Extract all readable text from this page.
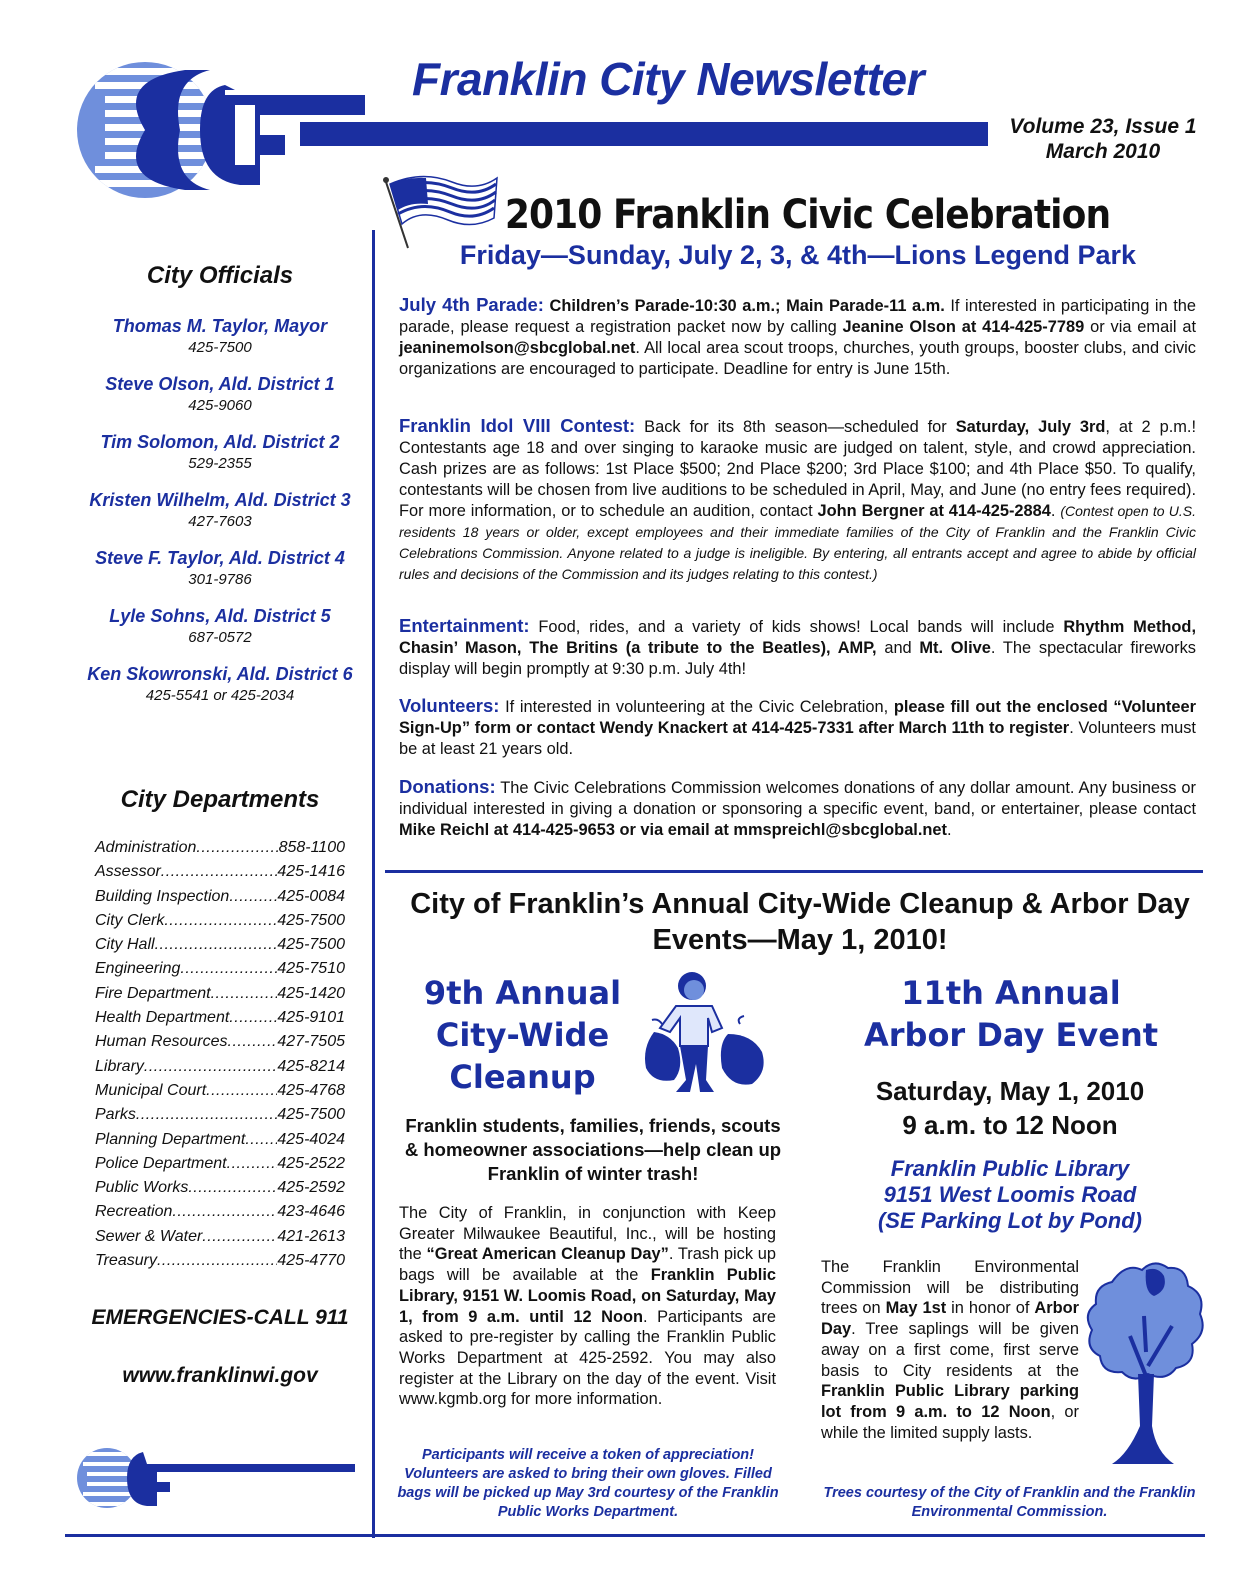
Franklin City Newsletter
Volume 23, Issue 1
March 2010
City Officials
Thomas M. Taylor, Mayor
425-7500
Steve Olson, Ald. District 1
425-9060
Tim Solomon, Ald. District 2
529-2355
Kristen Wilhelm, Ald. District 3
427-7603
Steve F. Taylor, Ald. District 4
301-9786
Lyle Sohns, Ald. District 5
687-0572
Ken Skowronski, Ald. District 6
425-5541 or 425-2034
City Departments
Administration .....	858-1100
Assessor .....	425-1416
Building Inspection .....	425-0084
City Clerk .....	425-7500
City Hall .....	425-7500
Engineering .....	425-7510
Fire Department .....	425-1420
Health Department .....	425-9101
Human Resources .....	427-7505
Library .....	425-8214
Municipal Court .....	425-4768
Parks .....	425-7500
Planning Department ..... 425-4024
Police Department .....	425-2522
Public Works .....	425-2592
Recreation .....	423-4646
Sewer & Water .....	421-2613
Treasury .....	425-4770
EMERGENCIES-CALL 911
www.franklinwi.gov
2010 Franklin Civic Celebration
Friday—Sunday, July 2, 3, & 4th—Lions Legend Park
July 4th Parade: Children’s Parade-10:30 a.m.; Main Parade-11 a.m. If interested in participating in the parade, please request a registration packet now by calling Jeanine Olson at 414-425-7789 or via email at jeaninemolson@sbcglobal.net. All local area scout troops, churches, youth groups, booster clubs, and civic organizations are encouraged to participate. Deadline for entry is June 15th.
Franklin Idol VIII Contest: Back for its 8th season—scheduled for Saturday, July 3rd, at 2 p.m.! Contestants age 18 and over singing to karaoke music are judged on talent, style, and crowd appreciation. Cash prizes are as follows: 1st Place $500; 2nd Place $200; 3rd Place $100; and 4th Place $50. To qualify, contestants will be chosen from live auditions to be scheduled in April, May, and June (no entry fees required). For more information, or to schedule an audition, contact John Bergner at 414-425-2884. (Contest open to U.S. residents 18 years or older, except employees and their immediate families of the City of Franklin and the Franklin Civic Celebrations Commission. Anyone related to a judge is ineligible. By entering, all entrants accept and agree to abide by official rules and decisions of the Commission and its judges relating to this contest.)
Entertainment: Food, rides, and a variety of kids shows! Local bands will include Rhythm Method, Chasin’ Mason, The Britins (a tribute to the Beatles), AMP, and Mt. Olive. The spectacular fireworks display will begin promptly at 9:30 p.m. July 4th!
Volunteers: If interested in volunteering at the Civic Celebration, please fill out the enclosed “Volunteer Sign-Up” form or contact Wendy Knackert at 414-425-7331 after March 11th to register. Volunteers must be at least 21 years old.
Donations: The Civic Celebrations Commission welcomes donations of any dollar amount. Any business or individual interested in giving a donation or sponsoring a specific event, band, or entertainer, please contact Mike Reichl at 414-425-9653 or via email at mmspreichl@sbcglobal.net.
City of Franklin’s Annual City-Wide Cleanup & Arbor Day Events—May 1, 2010!
9th Annual
City-Wide
Cleanup
Franklin students, families, friends, scouts & homeowner associations—help clean up Franklin of winter trash!
The City of Franklin, in conjunction with Keep Greater Milwaukee Beautiful, Inc., will be hosting the “Great American Cleanup Day”. Trash pick up bags will be available at the Franklin Public Library, 9151 W. Loomis Road, on Saturday, May 1, from 9 a.m. until 12 Noon. Participants are asked to pre-register by calling the Franklin Public Works Department at 425-2592. You may also register at the Library on the day of the event. Visit www.kgmb.org for more information.
Participants will receive a token of appreciation! Volunteers are asked to bring their own gloves. Filled bags will be picked up May 3rd courtesy of the Franklin Public Works Department.
11th Annual
Arbor Day Event
Saturday, May 1, 2010
9 a.m. to 12 Noon
Franklin Public Library
9151 West Loomis Road
(SE Parking Lot by Pond)
The Franklin Environmental Commission will be distributing trees on May 1st in honor of Arbor Day. Tree saplings will be given away on a first come, first serve basis to City residents at the Franklin Public Library parking lot from 9 a.m. to 12 Noon, or while the limited supply lasts.
Trees courtesy of the City of Franklin and the Franklin Environmental Commission.
